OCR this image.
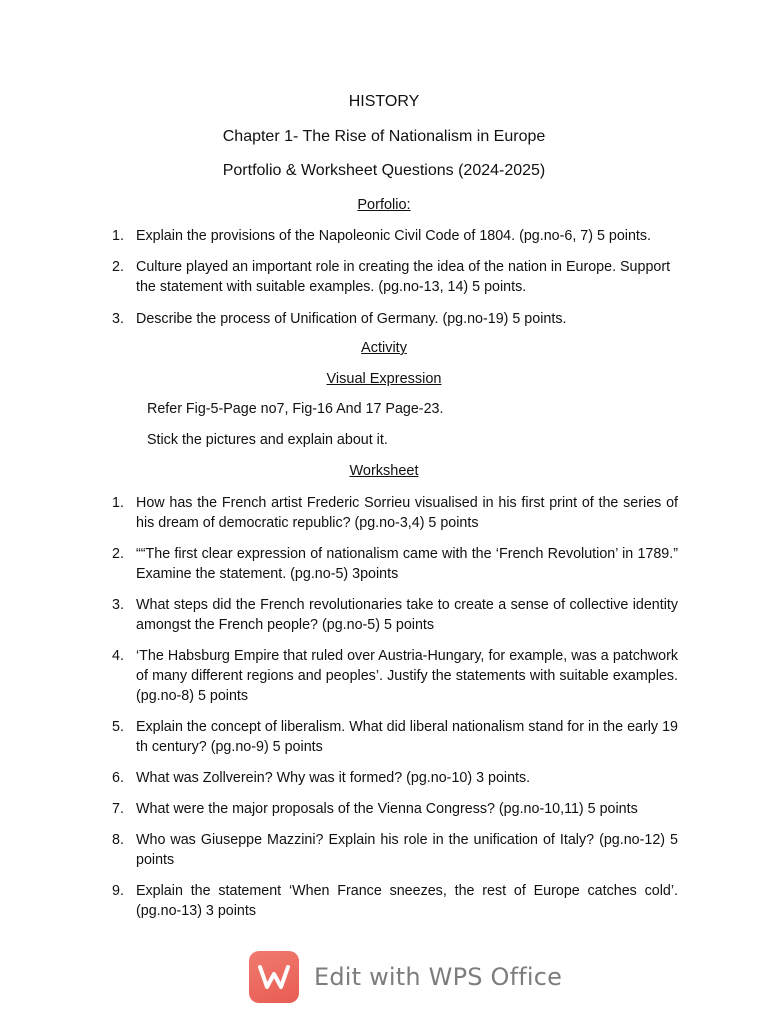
HISTORY
Chapter 1- The Rise of Nationalism in Europe
Portfolio & Worksheet Questions (2024-2025)
Porfolio:
1. Explain the provisions of the Napoleonic Civil Code of 1804. (pg.no-6, 7) 5 points.
2. Culture played an important role in creating the idea of the nation in Europe. Support the statement with suitable examples. (pg.no-13, 14) 5 points.
3. Describe the process of Unification of Germany. (pg.no-19) 5 points.
Activity
Visual Expression
Refer Fig-5-Page no7, Fig-16 And 17 Page-23.
Stick the pictures and explain about it.
Worksheet
1. How has the French artist Frederic Sorrieu visualised in his first print of the series of his dream of democratic republic? (pg.no-3,4) 5 points
2. ““The first clear expression of nationalism came with the ‘French Revolution’ in 1789.” Examine the statement. (pg.no-5) 3points
3. What steps did the French revolutionaries take to create a sense of collective identity amongst the French people? (pg.no-5) 5 points
4. ‘The Habsburg Empire that ruled over Austria-Hungary, for example, was a patchwork of many different regions and peoples’. Justify the statements with suitable examples. (pg.no-8) 5 points
5. Explain the concept of liberalism. What did liberal nationalism stand for in the early 19 th century? (pg.no-9) 5 points
6. What was Zollverein? Why was it formed? (pg.no-10) 3 points.
7. What were the major proposals of the Vienna Congress? (pg.no-10,11) 5 points
8. Who was Giuseppe Mazzini? Explain his role in the unification of Italy? (pg.no-12) 5 points
9. Explain the statement ‘When France sneezes, the rest of Europe catches cold’. (pg.no-13) 3 points
Edit with WPS Office
